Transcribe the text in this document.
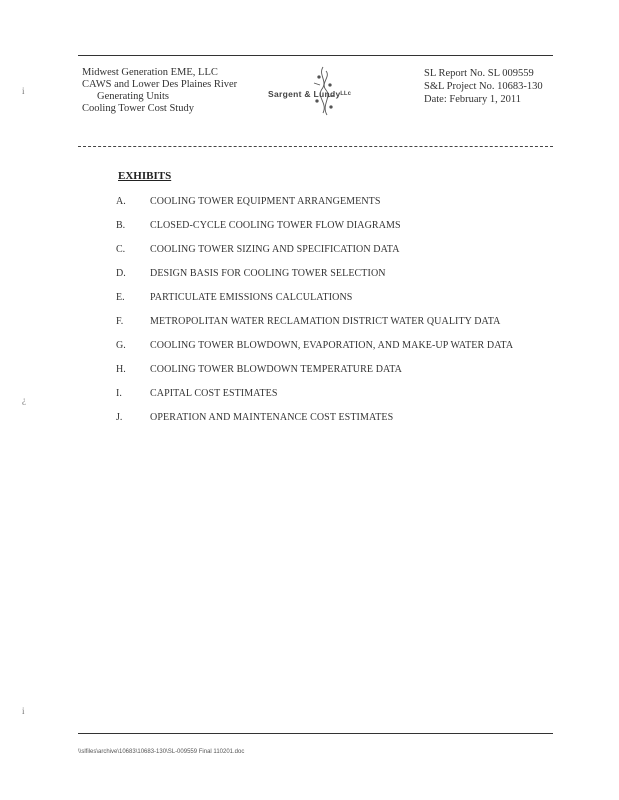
i
¿
i
Midwest Generation EME, LLC
CAWS and Lower Des Plaines River
Generating Units
Cooling Tower Cost Study
Sargent & Lundyᴸᴸᶜ
SL Report No. SL 009559
S&L Project No. 10683-130
Date: February 1, 2011
EXHIBITS
A. COOLING TOWER EQUIPMENT ARRANGEMENTS
B. CLOSED-CYCLE COOLING TOWER FLOW DIAGRAMS
C. COOLING TOWER SIZING AND SPECIFICATION DATA
D. DESIGN BASIS FOR COOLING TOWER SELECTION
E.	PARTICULATE EMISSIONS CALCULATIONS
F.	METROPOLITAN WATER RECLAMATION DISTRICT WATER QUALITY DATA
G. COOLING TOWER BLOWDOWN, EVAPORATION, AND MAKE-UP WATER DATA
H. COOLING TOWER BLOWDOWN TEMPERATURE DATA
I.	CAPITAL COST ESTIMATES
J.	OPERATION AND MAINTENANCE COST ESTIMATES
\\slfiles\archive\10683\10683-130\SL-009559 Final 110201.doc
